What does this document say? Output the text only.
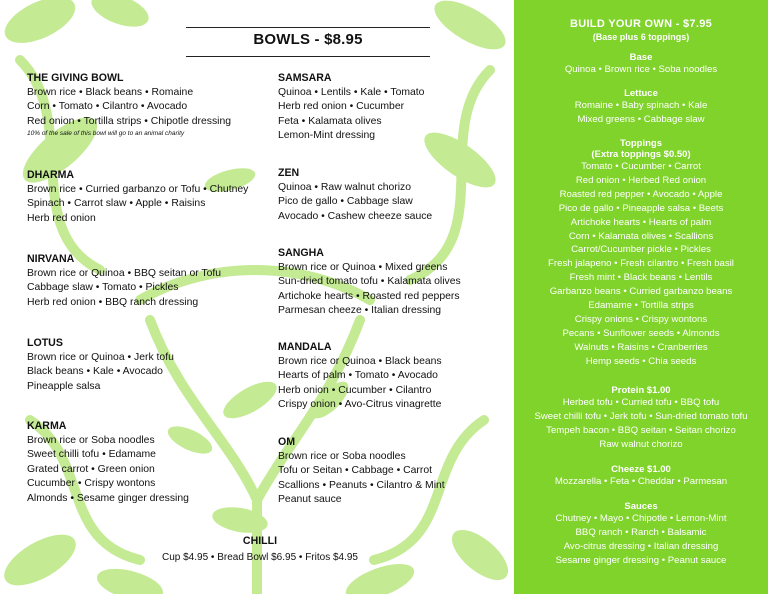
BOWLS - $8.95
THE GIVING BOWL
Brown rice • Black beans • Romaine
Corn • Tomato • Cilantro • Avocado
Red onion • Tortilla strips • Chipotle dressing
10% of the sale of this bowl will go to an animal charity
DHARMA
Brown rice • Curried garbanzo or Tofu • Chutney
Spinach • Carrot slaw • Apple • Raisins
Herb red onion
NIRVANA
Brown rice or Quinoa • BBQ seitan or Tofu
Cabbage slaw • Tomato • Pickles
Herb red onion • BBQ ranch dressing
LOTUS
Brown rice or Quinoa • Jerk tofu
Black beans • Kale • Avocado
Pineapple salsa
KARMA
Brown rice or Soba noodles
Sweet chilli tofu • Edamame
Grated carrot • Green onion
Cucumber • Crispy wontons
Almonds • Sesame ginger dressing
SAMSARA
Quinoa • Lentils • Kale • Tomato
Herb red onion • Cucumber
Feta • Kalamata olives
Lemon-Mint dressing
ZEN
Quinoa • Raw walnut chorizo
Pico de gallo • Cabbage slaw
Avocado • Cashew cheeze sauce
SANGHA
Brown rice or Quinoa • Mixed greens
Sun-dried tomato tofu • Kalamata olives
Artichoke hearts • Roasted red peppers
Parmesan cheeze • Italian dressing
MANDALA
Brown rice or Quinoa • Black beans
Hearts of palm • Tomato • Avocado
Herb onion • Cucumber • Cilantro
Crispy onion • Avo-Citrus vinagrette
OM
Brown rice or Soba noodles
Tofu or Seitan • Cabbage • Carrot
Scallions • Peanuts • Cilantro & Mint
Peanut sauce
CHILLI
Cup $4.95 • Bread Bowl $6.95 • Fritos $4.95
BUILD YOUR OWN - $7.95
(Base plus 6 toppings)
Base
Quinoa • Brown rice • Soba noodles
Lettuce
Romaine • Baby spinach • Kale
Mixed greens • Cabbage slaw
Toppings
(Extra toppings $0.50)
Tomato • Cucumber • Carrot
Red onion • Herbed Red onion
Roasted red pepper • Avocado • Apple
Pico de gallo • Pineapple salsa • Beets
Artichoke hearts • Hearts of palm
Corn • Kalamata olives • Scallions
Carrot/Cucumber pickle • Pickles
Fresh jalapeno • Fresh cilantro • Fresh basil
Fresh mint • Black beans • Lentils
Garbanzo beans • Curried garbanzo beans
Edamame • Tortilla strips
Crispy onions • Crispy wontons
Pecans • Sunflower seeds • Almonds
Walnuts • Raisins • Cranberries
Hemp seeds • Chia seeds
Protein $1.00
Herbed tofu • Curried tofu • BBQ tofu
Sweet chilli tofu • Jerk tofu • Sun-dried tomato tofu
Tempeh bacon • BBQ seitan • Seitan chorizo
Raw walnut chorizo
Cheeze $1.00
Mozzarella • Feta • Cheddar • Parmesan
Sauces
Chutney • Mayo • Chipotle • Lemon-Mint
BBQ ranch • Ranch • Balsamic
Avo-citrus dressing • Italian dressing
Sesame ginger dressing • Peanut sauce
